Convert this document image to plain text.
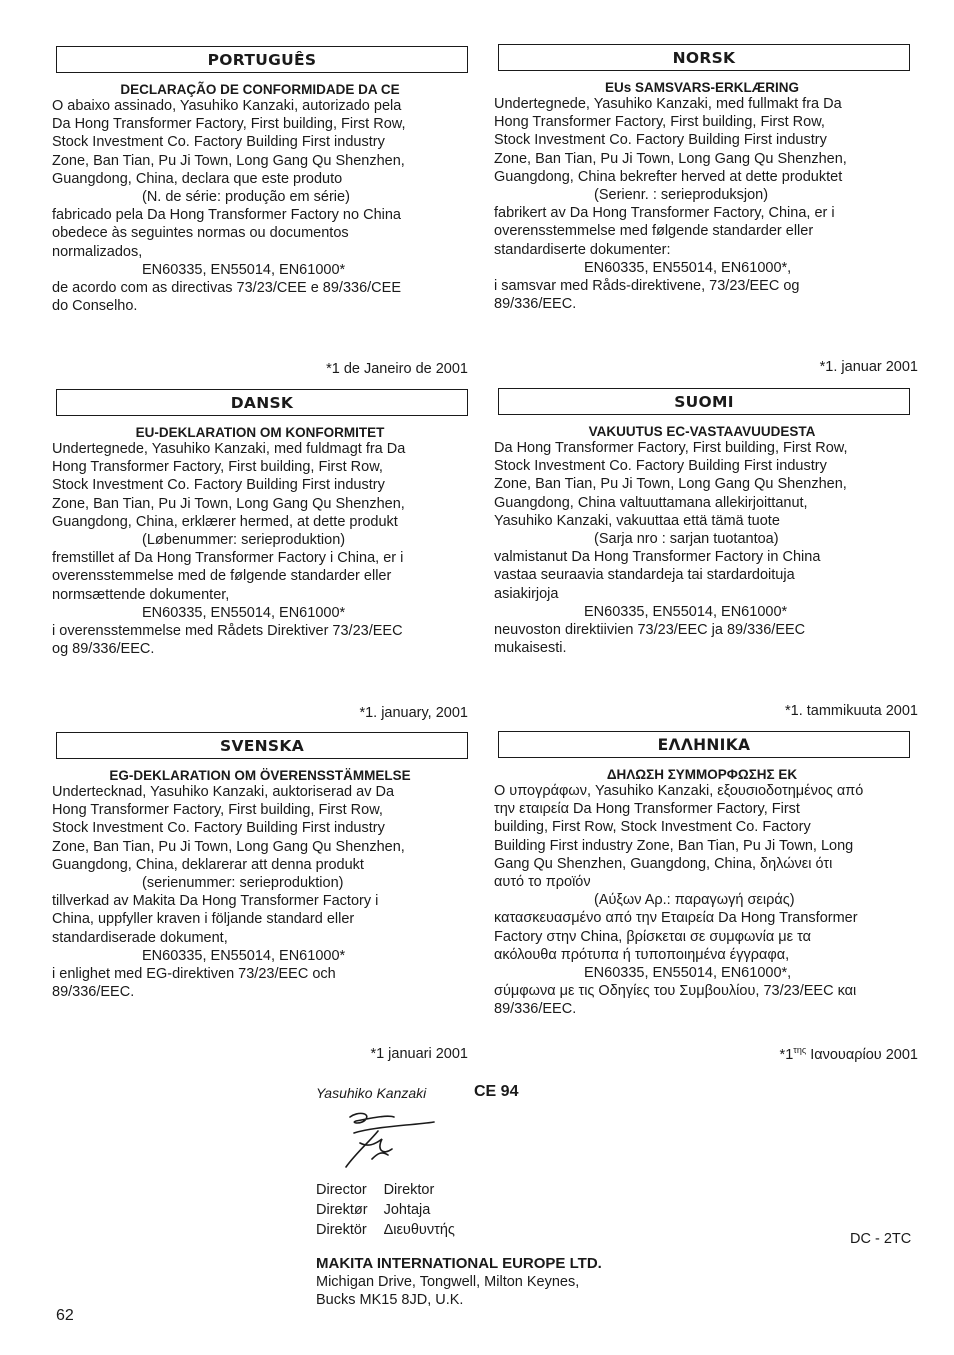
PORTUGUÊS
DECLARAÇÃO DE CONFORMIDADE DA CE

O abaixo assinado, Yasuhiko Kanzaki, autorizado pela
Da Hong Transformer Factory, First building, First Row,
Stock Investment Co. Factory Building First industry
Zone, Ban Tian, Pu Ji Town, Long Gang Qu Shenzhen,
Guangdong, China, declara que este produto

(N. de série: produção em série)

fabricado pela Da Hong Transformer Factory no China
obedece às seguintes normas ou documentos
normalizados,

EN60335, EN55014, EN61000*

de acordo com as directivas 73/23/CEE e 89/336/CEE
do Conselho.

*1 de Janeiro de 2001
NORSK
EUs SAMSVARS-ERKLÆRING

Undertegnede, Yasuhiko Kanzaki, med fullmakt fra Da
Hong Transformer Factory, First building, First Row,
Stock Investment Co. Factory Building First industry
Zone, Ban Tian, Pu Ji Town, Long Gang Qu Shenzhen,
Guangdong, China bekrefter herved at dette produktet

(Serienr. : serieproduksjon)

fabrikert av Da Hong Transformer Factory, China, er i
overensstemmelse med følgende standarder eller
standardiserte dokumenter:

EN60335, EN55014, EN61000*,

i samsvar med Råds-direktivene, 73/23/EEC og
89/336/EEC.

*1. januar 2001
DANSK
EU-DEKLARATION OM KONFORMITET

Undertegnede, Yasuhiko Kanzaki, med fuldmagt fra Da
Hong Transformer Factory, First building, First Row,
Stock Investment Co. Factory Building First industry
Zone, Ban Tian, Pu Ji Town, Long Gang Qu Shenzhen,
Guangdong, China, erklærer hermed, at dette produkt

(Løbenummer: serieproduktion)

fremstillet af Da Hong Transformer Factory i China, er i
overensstemmelse med de følgende standarder eller
normsættende dokumenter,

EN60335, EN55014, EN61000*

i overensstemmelse med Rådets Direktiver 73/23/EEC
og 89/336/EEC.

*1. january, 2001
SUOMI
VAKUUTUS EC-VASTAAVUUDESTA

Da Hong Transformer Factory, First building, First Row,
Stock Investment Co. Factory Building First industry
Zone, Ban Tian, Pu Ji Town, Long Gang Qu Shenzhen,
Guangdong, China valtuuttamana allekirjoittanut,
Yasuhiko Kanzaki, vakuuttaa että tämä tuote

(Sarja nro : sarjan tuotantoa)

valmistanut Da Hong Transformer Factory in China
vastaa seuraavia standardeja tai stardardoituja
asiakirjoja

EN60335, EN55014, EN61000*

neuvoston direktiivien 73/23/EEC ja 89/336/EEC
mukaisesti.

*1. tammikuuta 2001
SVENSKA
EG-DEKLARATION OM ÖVERENSSTÄMMELSE

Undertecknad, Yasuhiko Kanzaki, auktoriserad av Da
Hong Transformer Factory, First building, First Row,
Stock Investment Co. Factory Building First industry
Zone, Ban Tian, Pu Ji Town, Long Gang Qu Shenzhen,
Guangdong, China, deklarerar att denna produkt

(serienummer: serieproduktion)

tillverkad av Makita Da Hong Transformer Factory i
China, uppfyller kraven i följande standard eller
standardiserade dokument,

EN60335, EN55014, EN61000*

i enlighet med EG-direktiven 73/23/EEC och
89/336/EEC.

*1 januari 2001
ΕΛΛΗΝΙΚΑ
ΔΗΛΩΣΗ ΣΥΜΜΟΡΦΩΣΗΣ ΕΚ

Ο υπογράφων, Yasuhiko Kanzaki, εξουσιοδοτημένος από
την εταιρεία Da Hong Transformer Factory, First
building, First Row, Stock Investment Co. Factory
Building First industry Zone, Ban Tian, Pu Ji Town, Long
Gang Qu Shenzhen, Guangdong, China, δηλώνει ότι
αυτό το προϊόν

(Αύξων Αρ.: παραγωγή σειράς)

κατασκευασμένο από την Εταιρεία Da Hong Transformer
Factory στην China, βρίσκεται σε συμφωνία με τα
ακόλουθα πρότυπα ή τυποποιημένα έγγραφα,

EN60335, EN55014, EN61000*,

σύμφωνα με τις Οδηγίες του Συμβουλίου, 73/23/EEC και
89/336/EEC.

$*1^{\tau\eta\varsigma}$ Ιανουαρίου 2001
Yasuhiko Kanzaki	CE 94
Director	Direktor
Direktør	Johtaja
Direktör	Διευθυντής
DC - 2TC
MAKITA INTERNATIONAL EUROPE LTD.
Michigan Drive, Tongwell, Milton Keynes,
Bucks MK15 8JD, U.K.
62
